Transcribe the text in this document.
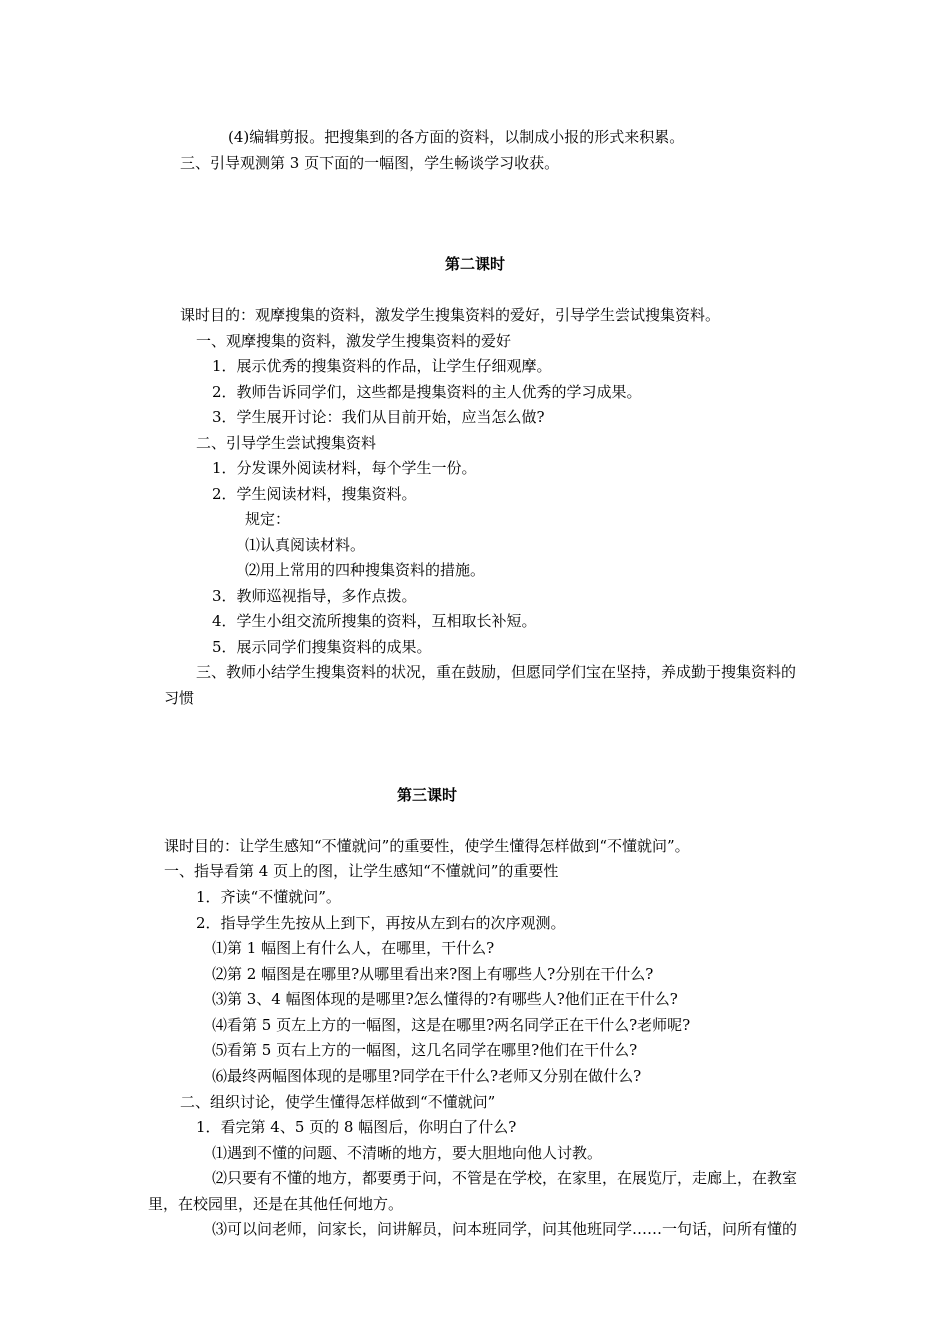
(4)编辑剪报。把搜集到的各方面的资料，以制成小报的形式来积累。
三、引导观测第 3 页下面的一幅图，学生畅谈学习收获。
第二课时
课时目的：观摩搜集的资料，激发学生搜集资料的爱好，引导学生尝试搜集资料。
一、观摩搜集的资料，激发学生搜集资料的爱好
1．展示优秀的搜集资料的作品，让学生仔细观摩。
2．教师告诉同学们，这些都是搜集资料的主人优秀的学习成果。
3．学生展开讨论：我们从目前开始，应当怎么做?
二、引导学生尝试搜集资料
1．分发课外阅读材料，每个学生一份。
2．学生阅读材料，搜集资料。
规定：
⑴认真阅读材料。
⑵用上常用的四种搜集资料的措施。
3．教师巡视指导，多作点拨。
4．学生小组交流所搜集的资料，互相取长补短。
5．展示同学们搜集资料的成果。
三、教师小结学生搜集资料的状况，重在鼓励，但愿同学们宝在坚持，养成勤于搜集资料的
习惯
第三课时
课时目的：让学生感知“不懂就问”的重要性，使学生懂得怎样做到“不懂就问”。
一、指导看第 4 页上的图，让学生感知“不懂就问”的重要性
1．齐读“不懂就问”。
2．指导学生先按从上到下，再按从左到右的次序观测。
⑴第 1 幅图上有什么人，在哪里，干什么?
⑵第 2 幅图是在哪里?从哪里看出来?图上有哪些人?分别在干什么?
⑶第 3、4 幅图体现的是哪里?怎么懂得的?有哪些人?他们正在干什么?
⑷看第 5 页左上方的一幅图，这是在哪里?两名同学正在干什么?老师呢?
⑸看第 5 页右上方的一幅图，这几名同学在哪里?他们在干什么?
⑹最终两幅图体现的是哪里?同学在干什么?老师又分别在做什么?
二、组织讨论，使学生懂得怎样做到“不懂就问”
1．看完第 4、5 页的 8 幅图后，你明白了什么?
⑴遇到不懂的问题、不清晰的地方，要大胆地向他人讨教。
⑵只要有不懂的地方，都要勇于问，不管是在学校，在家里，在展览厅，走廊上，在教室
里，在校园里，还是在其他任何地方。
⑶可以问老师，问家长，问讲解员，问本班同学，问其他班同学……一句话，问所有懂的
